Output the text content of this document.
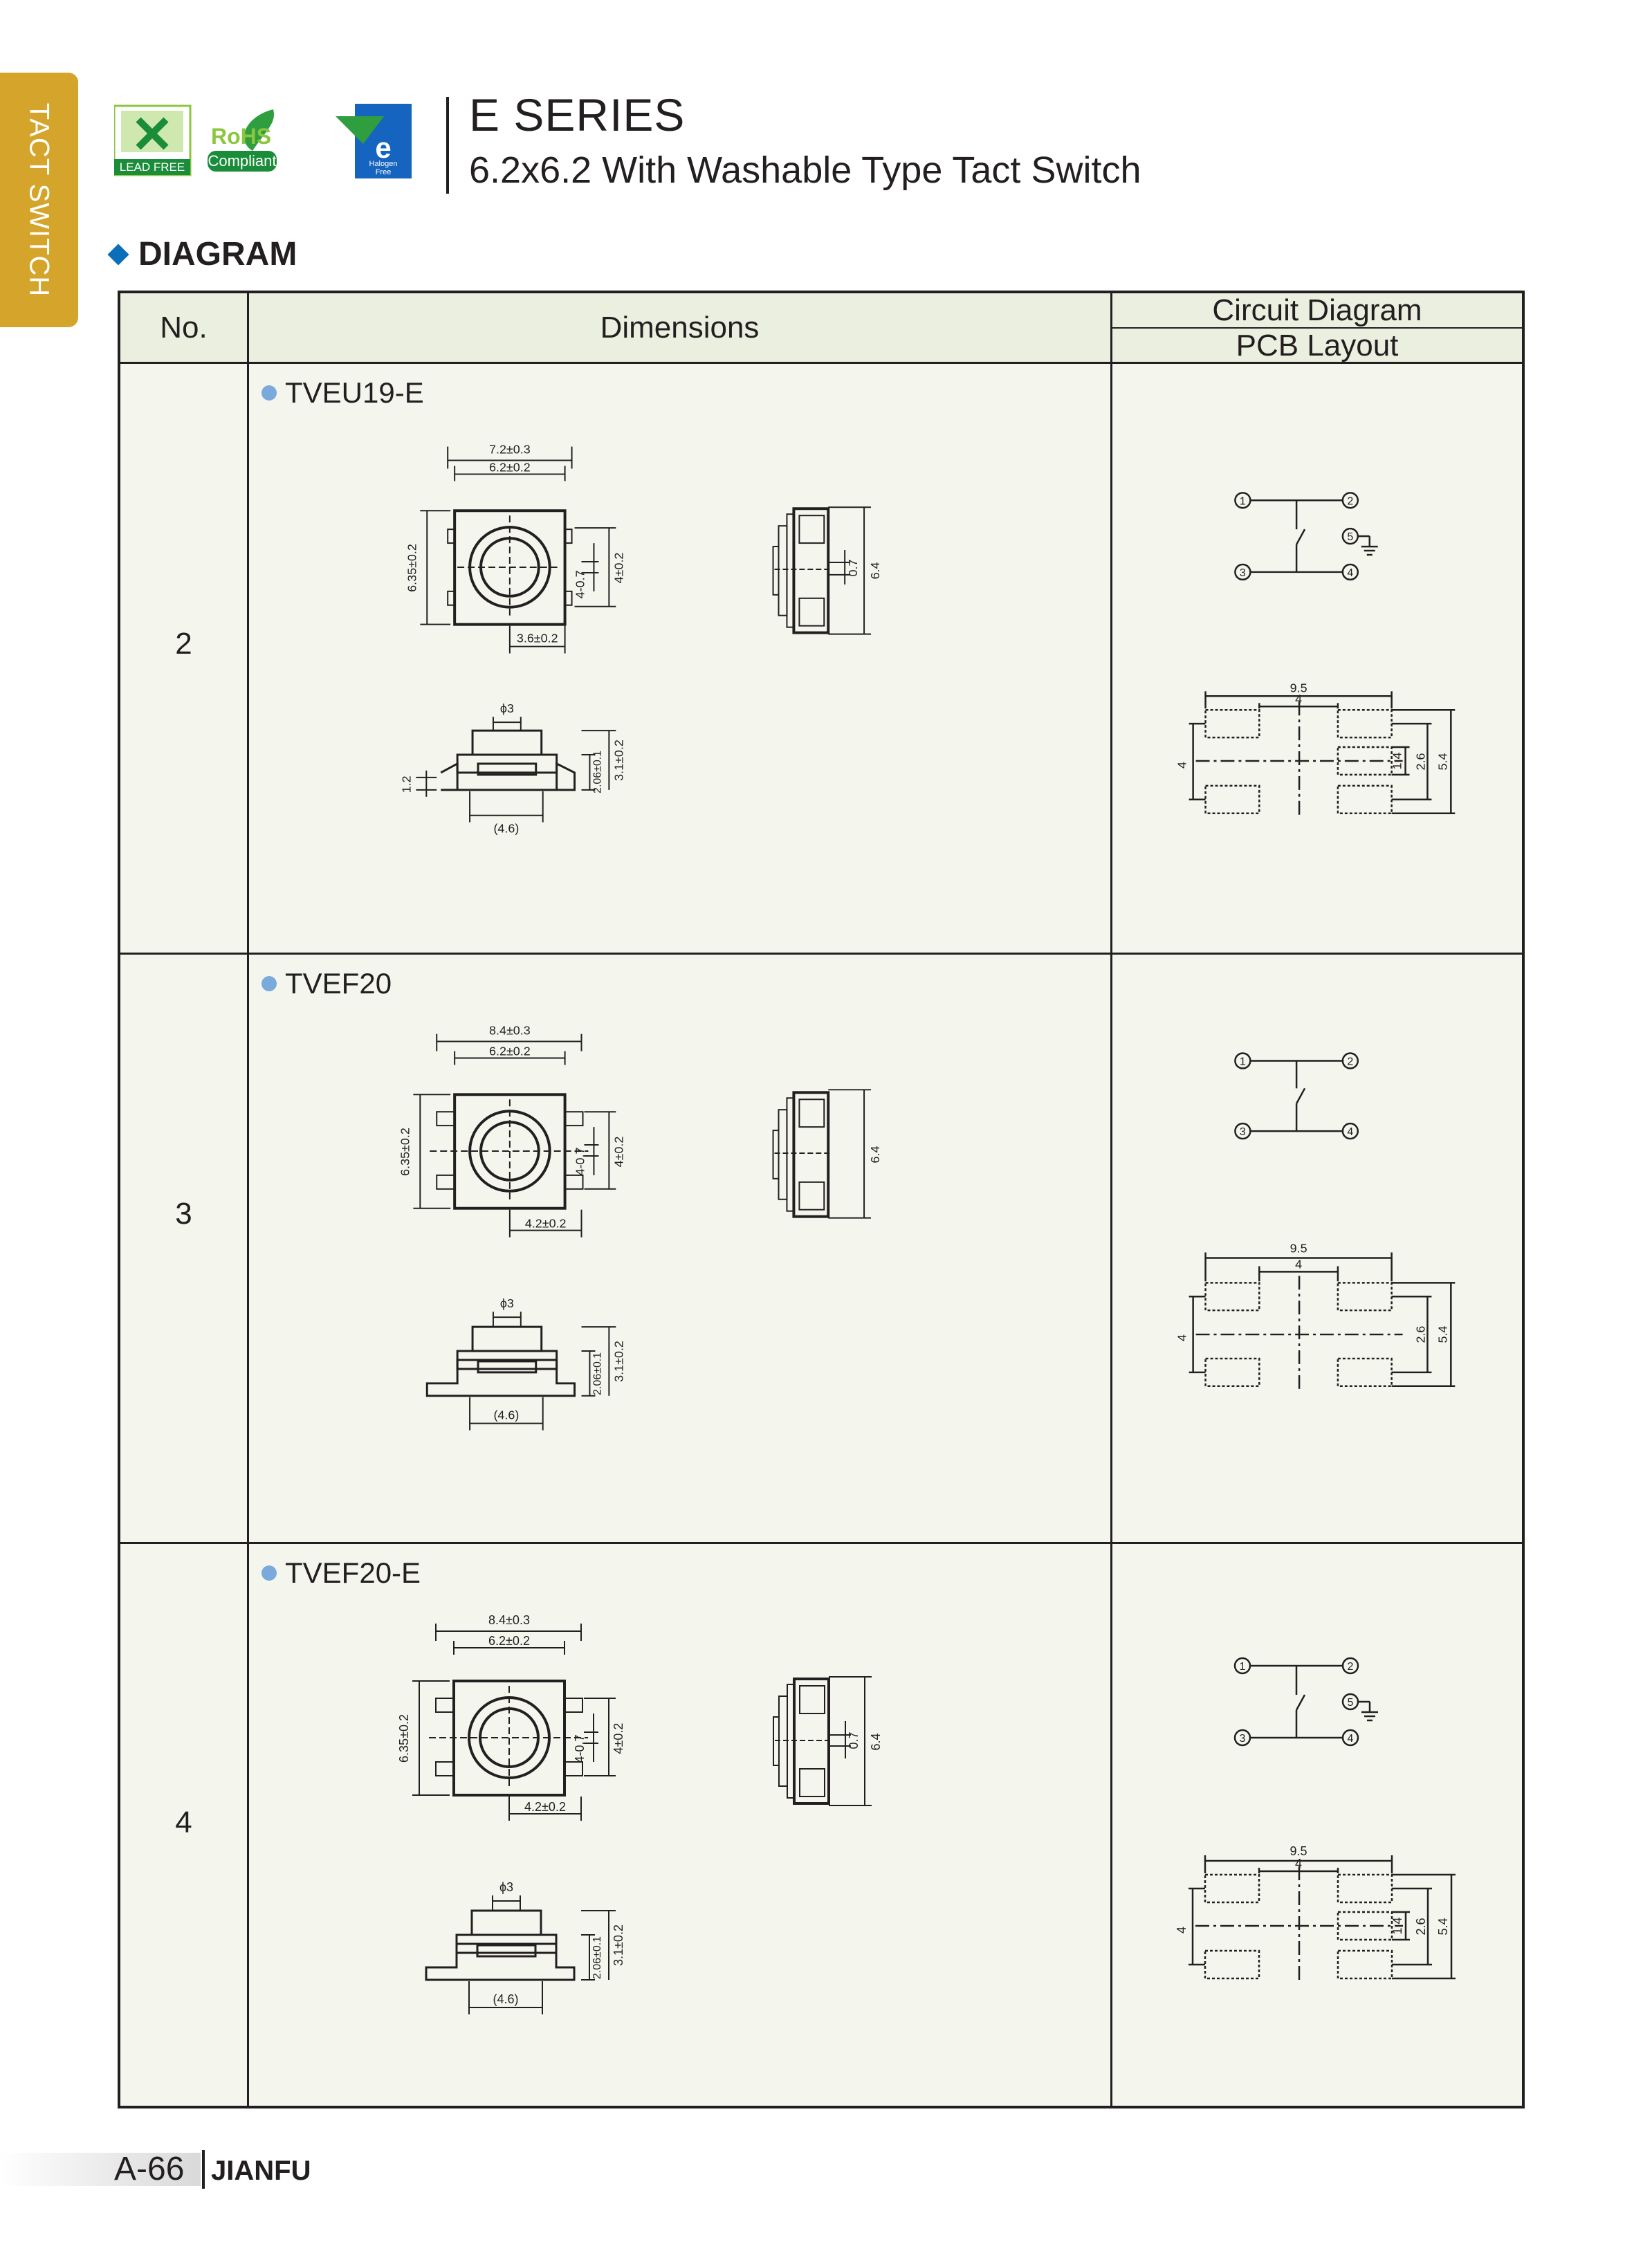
TACT SWITCH	LEAD FREE
RoHS
Compliant	e
Halogen
Free
E SERIES
6.2x6.2 With Washable Type Tact Switch
DIAGRAM
No.	Dimensions	Circuit Diagram
PCB Layout
2
TVEU19-E
7.2±0.3
6.2±0.2
6.35±0.2	4-0.7
4±0.2
3.6±0.2
0.7 6.4
ϕ3
1.2	2.06±0.1 3.1±0.2
(4.6)
1	2
3	4
5
9.5
4
4	1.4 2.6 5.4
3
TVEF20
8.4±0.3
6.2±0.2
6.35±0.2	4-0.7 4±0.2
4.2±0.2
6.4
ϕ3
2.06±0.1 3.1±0.2
(4.6)
1	2
3	4
9.5
4
4	2.6 5.4
4
TVEF20-E
8.4±0.3
6.2±0.2
6.35±0.2	4-0.7 4±0.2
4.2±0.2
0.7 6.4
ϕ3
2.06±0.1 3.1±0.2
(4.6)
1	2
3	4
5
9.5
4
4	1.4 2.6 5.4
A-66 JIANFU
